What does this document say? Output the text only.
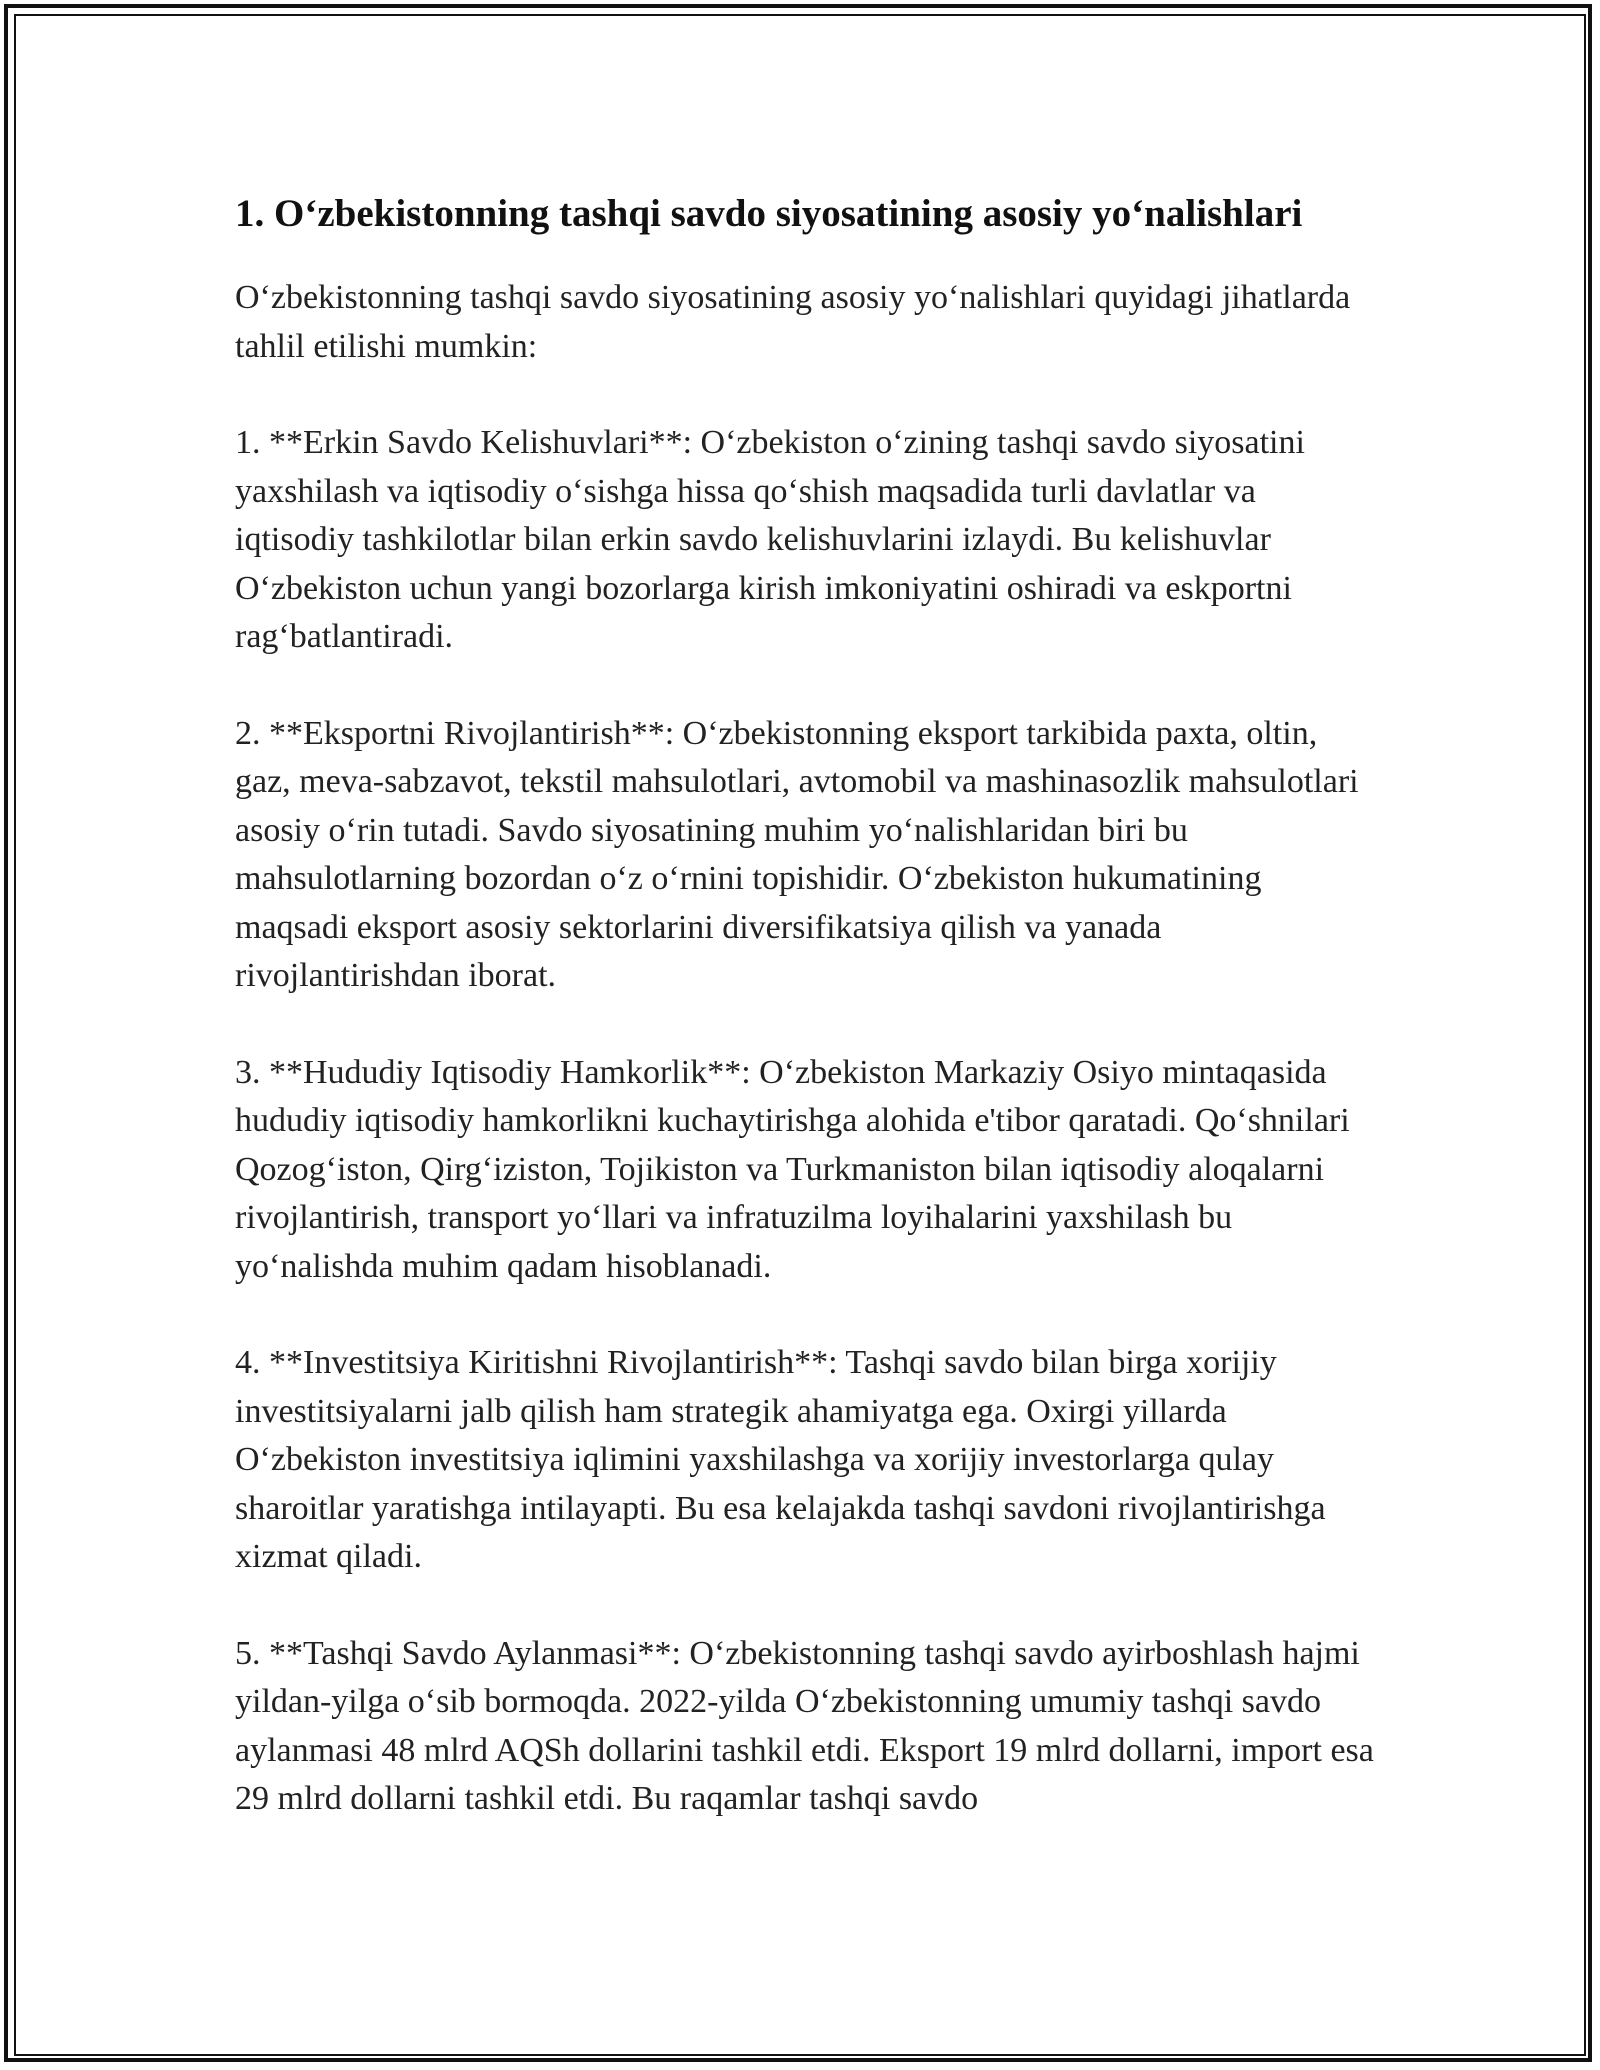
1. O‘zbekistonning tashqi savdo siyosatining asosiy yo‘nalishlari

O‘zbekistonning tashqi savdo siyosatining asosiy yo‘nalishlari quyidagi jihatlarda tahlil etilishi mumkin:

1. **Erkin Savdo Kelishuvlari**: O‘zbekiston o‘zining tashqi savdo siyosatini yaxshilash va iqtisodiy o‘sishga hissa qo‘shish maqsadida turli davlatlar va iqtisodiy tashkilotlar bilan erkin savdo kelishuvlarini izlaydi. Bu kelishuvlar O‘zbekiston uchun yangi bozorlarga kirish imkoniyatini oshiradi va eskportni rag‘batlantiradi.

2. **Eksportni Rivojlantirish**: O‘zbekistonning eksport tarkibida paxta, oltin, gaz, meva-sabzavot, tekstil mahsulotlari, avtomobil va mashinasozlik mahsulotlari asosiy o‘rin tutadi. Savdo siyosatining muhim yo‘nalishlaridan biri bu mahsulotlarning bozordan o‘z o‘rnini topishidir. O‘zbekiston hukumatining maqsadi eksport asosiy sektorlarini diversifikatsiya qilish va yanada rivojlantirishdan iborat.

3. **Hududiy Iqtisodiy Hamkorlik**: O‘zbekiston Markaziy Osiyo mintaqasida hududiy iqtisodiy hamkorlikni kuchaytirishga alohida e'tibor qaratadi. Qo‘shnilari Qozog‘iston, Qirg‘iziston, Tojikiston va Turkmaniston bilan iqtisodiy aloqalarni rivojlantirish, transport yo‘llari va infratuzilma loyihalarini yaxshilash bu yo‘nalishda muhim qadam hisoblanadi.

4. **Investitsiya Kiritishni Rivojlantirish**: Tashqi savdo bilan birga xorijiy investitsiyalarni jalb qilish ham strategik ahamiyatga ega. Oxirgi yillarda O‘zbekiston investitsiya iqlimini yaxshilashga va xorijiy investorlarga qulay sharoitlar yaratishga intilayapti. Bu esa kelajakda tashqi savdoni rivojlantirishga xizmat qiladi.

5. **Tashqi Savdo Aylanmasi**: O‘zbekistonning tashqi savdo ayirboshlash hajmi yildan-yilga o‘sib bormoqda. 2022-yilda O‘zbekistonning umumiy tashqi savdo aylanmasi 48 mlrd AQSh dollarini tashkil etdi. Eksport 19 mlrd dollarni, import esa 29 mlrd dollarni tashkil etdi. Bu raqamlar tashqi savdo
